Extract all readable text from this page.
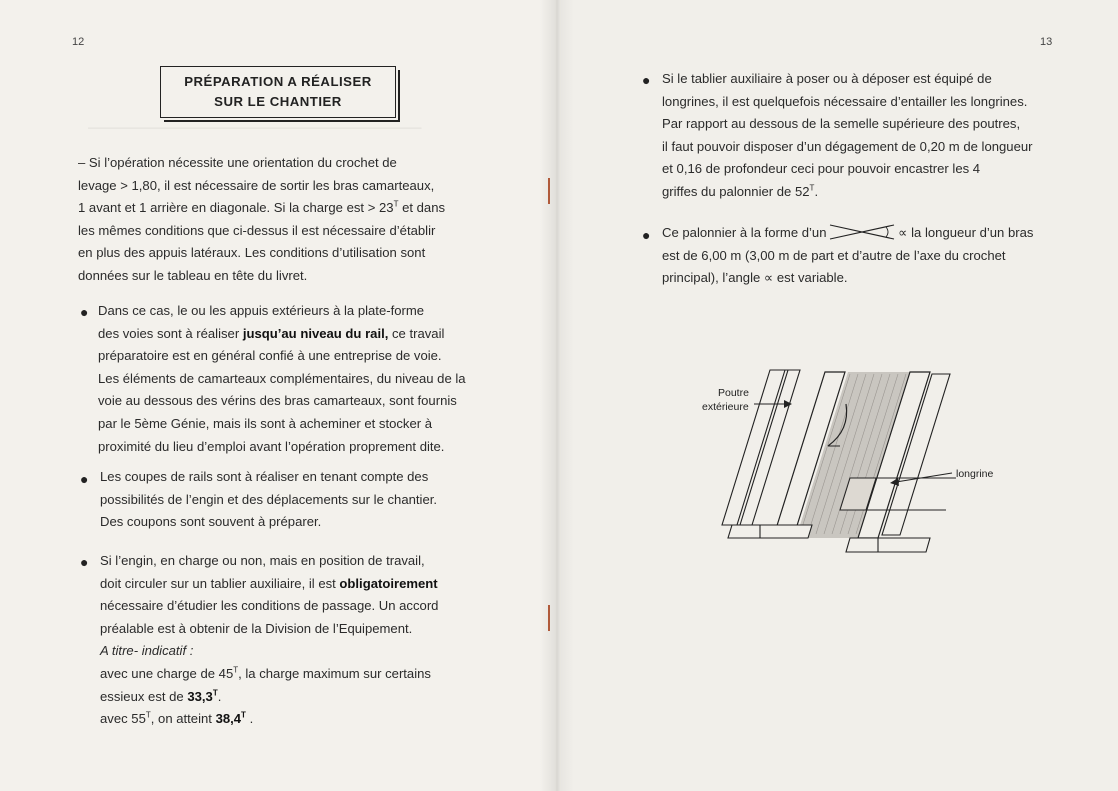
—————————————————————————————
12
PRÉPARATION A RÉALISER
SUR LE CHANTIER

– Si l’opération nécessite une orientation du crochet de

levage > 1,80, il est nécessaire de sortir les bras camarteaux,

1 avant et 1 arrière en diagonale. Si la charge est > $23^T$ et dans

les mêmes conditions que ci-dessus il est nécessaire d’établir

en plus des appuis latéraux. Les conditions d’utilisation sont

données sur le tableau en tête du livret.

● Dans ce cas, le ou les appuis extérieurs à la plate-forme

des voies sont à réaliser jusqu’au niveau du rail, ce travail

préparatoire est en général confié à une entreprise de voie.

Les éléments de camarteaux complémentaires, du niveau de la

voie au dessous des vérins des bras camarteaux, sont fournis

par le 5ème Génie, mais ils sont à acheminer et stocker à

proximité du lieu d’emploi avant l’opération proprement dite.

● Les coupes de rails sont à réaliser en tenant compte des

possibilités de l’engin et des déplacements sur le chantier.

Des coupons sont souvent à préparer.

● Si l’engin, en charge ou non, mais en position de travail,

doit circuler sur un tablier auxiliaire, il est obligatoirement

nécessaire d’étudier les conditions de passage. Un accord

préalable est à obtenir de la Division de l’Equipement.

A titre- indicatif :

avec une charge de $45^T$, la charge maximum sur certains

essieux est de $33,3^T$.

avec $55^T$, on atteint $38,4^T$ .

13
● Si le tablier auxiliaire à poser ou à déposer est équipé de

longrines, il est quelquefois nécessaire d’entailler les longrines.

Par rapport au dessous de la semelle supérieure des poutres,

il faut pouvoir disposer d’un dégagement de 0,20 m de longueur

et 0,16 de profondeur ceci pour pouvoir encastrer les 4

griffes du palonnier de $52^T$.

● Ce palonnier à la forme d’un	∝ la longueur d’un bras

est de 6,00 m (3,00 m de part et d’autre de l’axe du crochet

principal), l’angle ∝ est variable.

Poutre
extérieure
longrine
